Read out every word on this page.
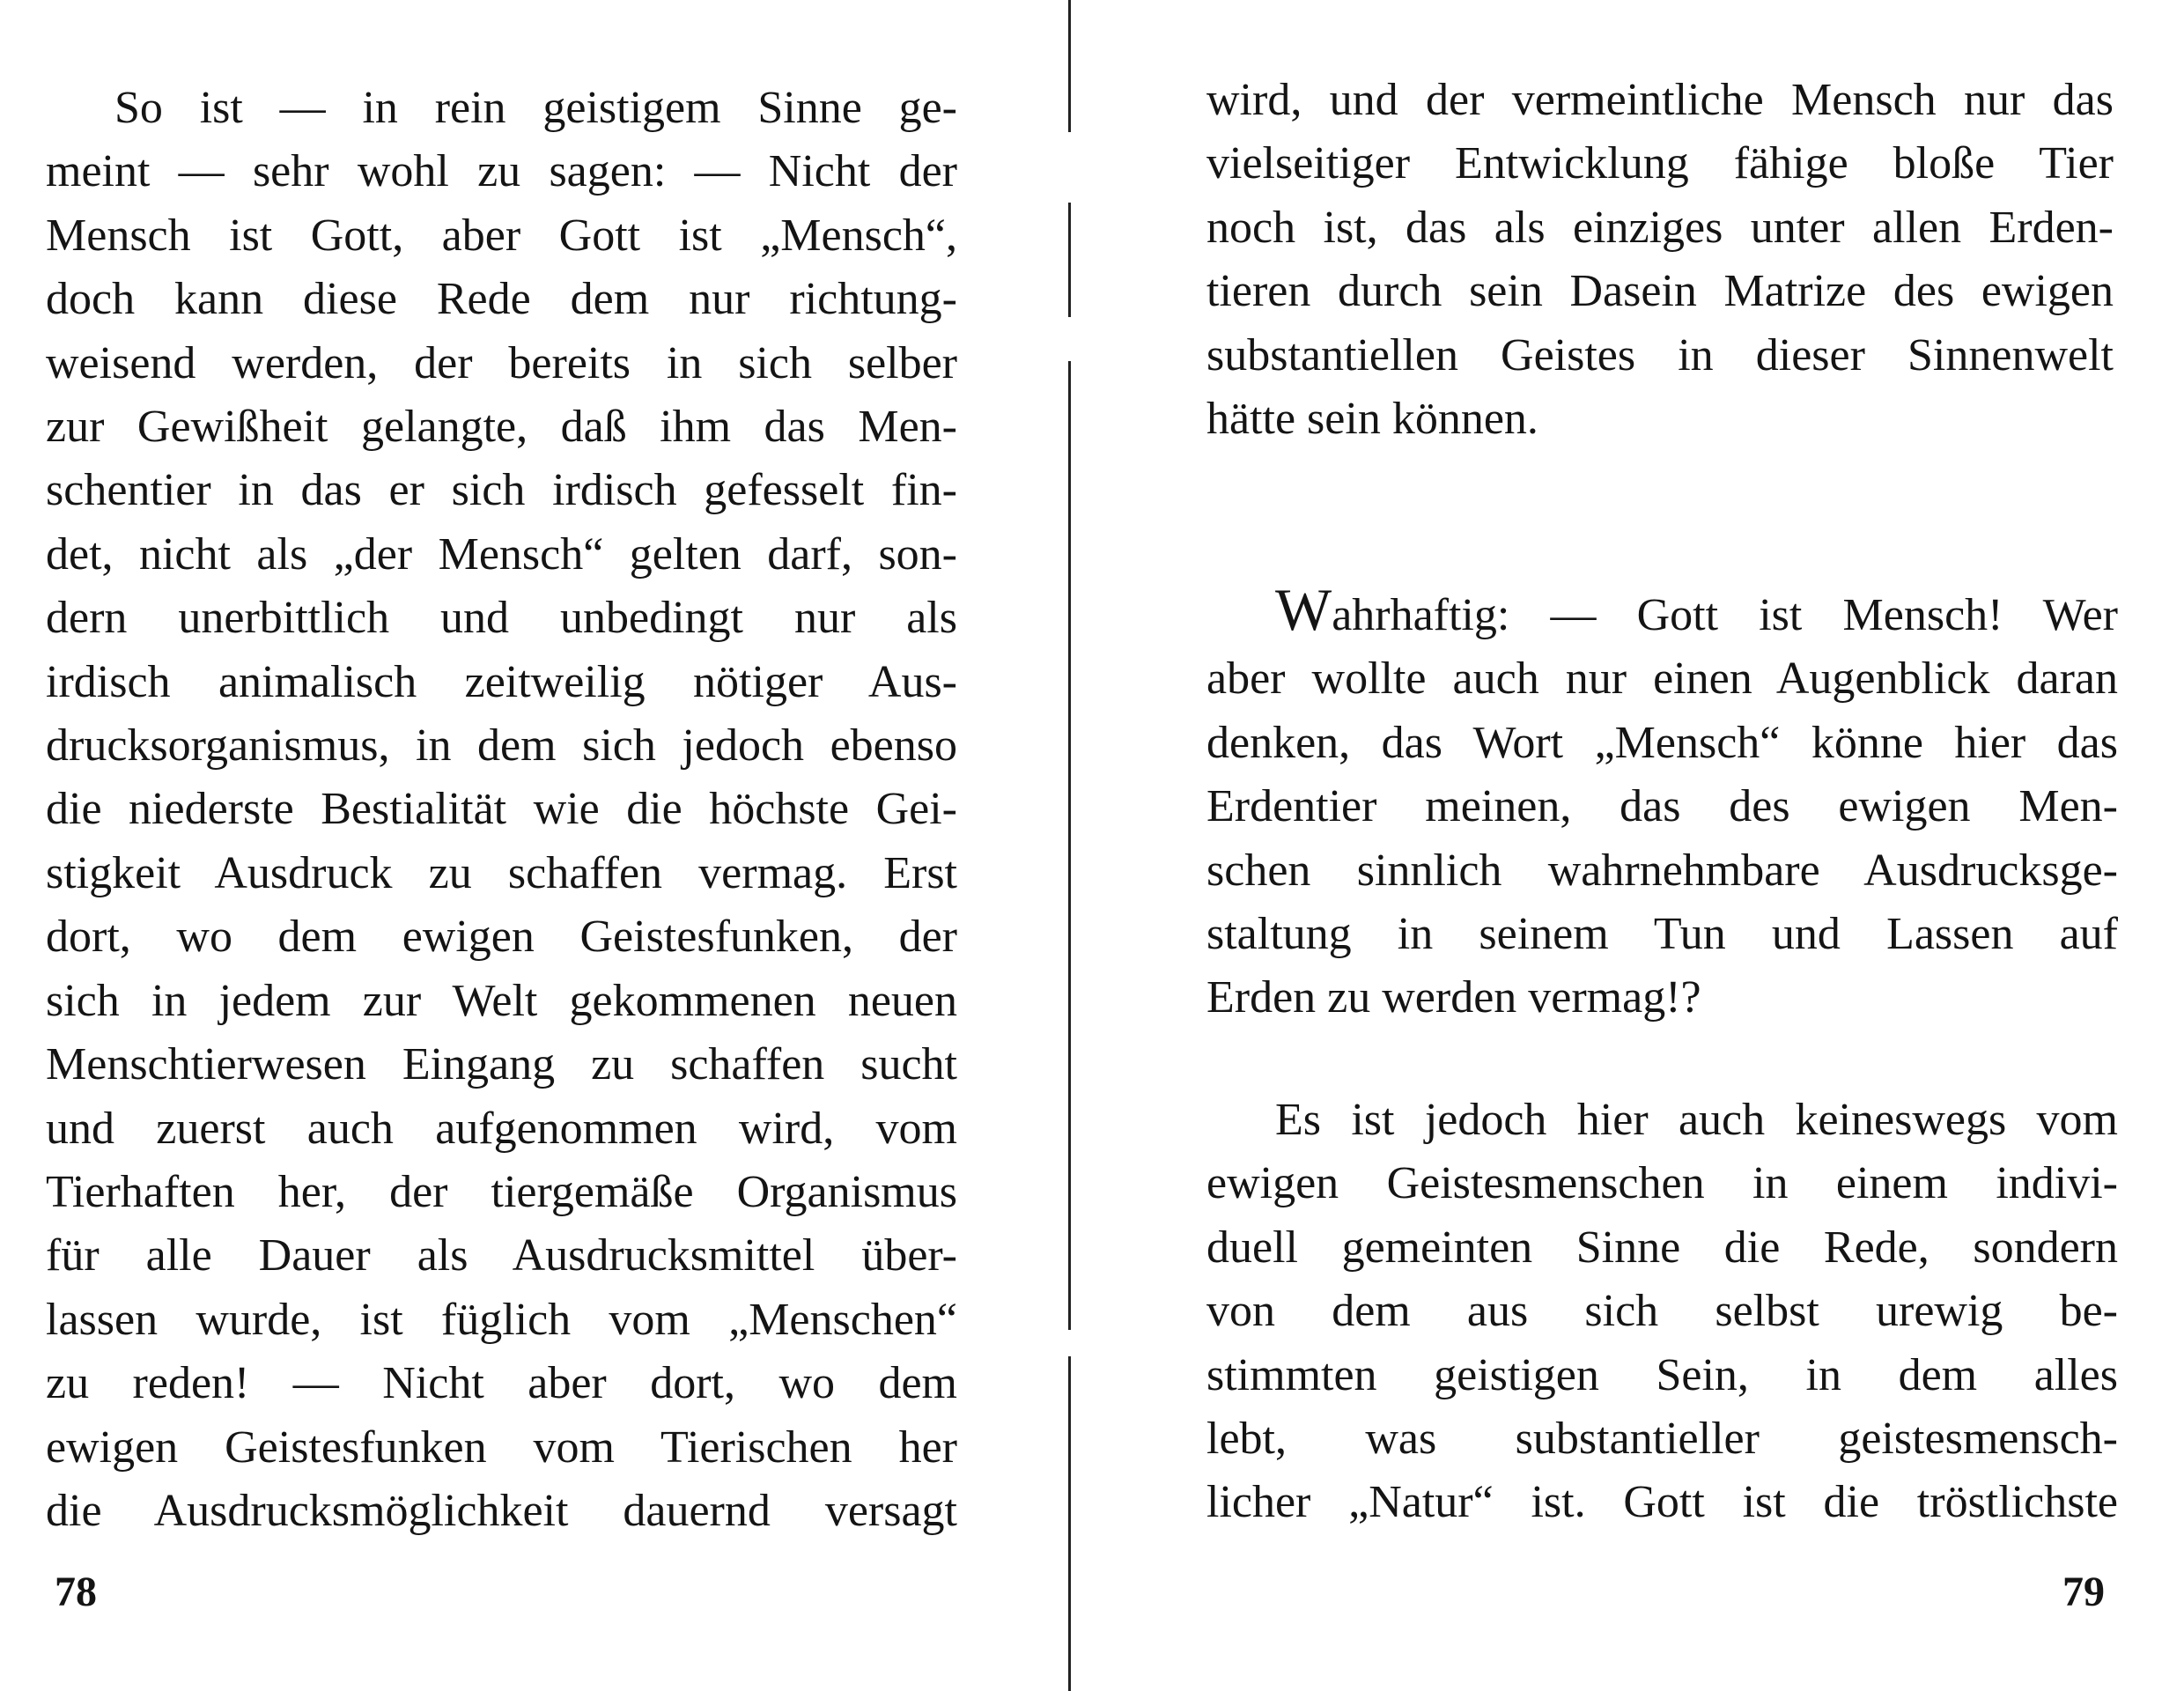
So ist — in rein geistigem Sinne ge-
meint — sehr wohl zu sagen: — Nicht der
Mensch ist Gott, aber Gott ist „Mensch“,
doch kann diese Rede dem nur richtung-
weisend werden, der bereits in sich selber
zur Gewißheit gelangte, daß ihm das Men-
schentier in das er sich irdisch gefesselt fin-
det, nicht als „der Mensch“ gelten darf, son-
dern unerbittlich und unbedingt nur als
irdisch animalisch zeitweilig nötiger Aus-
drucksorganismus, in dem sich jedoch ebenso
die niederste Bestialität wie die höchste Gei-
stigkeit Ausdruck zu schaffen vermag. Erst
dort, wo dem ewigen Geistesfunken, der
sich in jedem zur Welt gekommenen neuen
Menschtierwesen Eingang zu schaffen sucht
und zuerst auch aufgenommen wird, vom
Tierhaften her, der tiergemäße Organismus
für alle Dauer als Ausdrucksmittel über-
lassen wurde, ist füglich vom „Menschen“
zu reden! — Nicht aber dort, wo dem
ewigen Geistesfunken vom Tierischen her
die Ausdrucksmöglichkeit dauernd versagt
78
wird, und der vermeintliche Mensch nur das
vielseitiger Entwicklung fähige bloße Tier
noch ist, das als einziges unter allen Erden-
tieren durch sein Dasein Matrize des ewigen
substantiellen Geistes in dieser Sinnenwelt
hätte sein können.
Wahrhaftig: — Gott ist Mensch! Wer
aber wollte auch nur einen Augenblick daran
denken, das Wort „Mensch“ könne hier das
Erdentier meinen, das des ewigen Men-
schen sinnlich wahrnehmbare Ausdrucksge-
staltung in seinem Tun und Lassen auf
Erden zu werden vermag!?
Es ist jedoch hier auch keineswegs vom
ewigen Geistesmenschen in einem indivi-
duell gemeinten Sinne die Rede, sondern
von dem aus sich selbst urewig be-
stimmten geistigen Sein, in dem alles
lebt, was substantieller geistesmensch-
licher „Natur“ ist. Gott ist die tröstlichste
79
